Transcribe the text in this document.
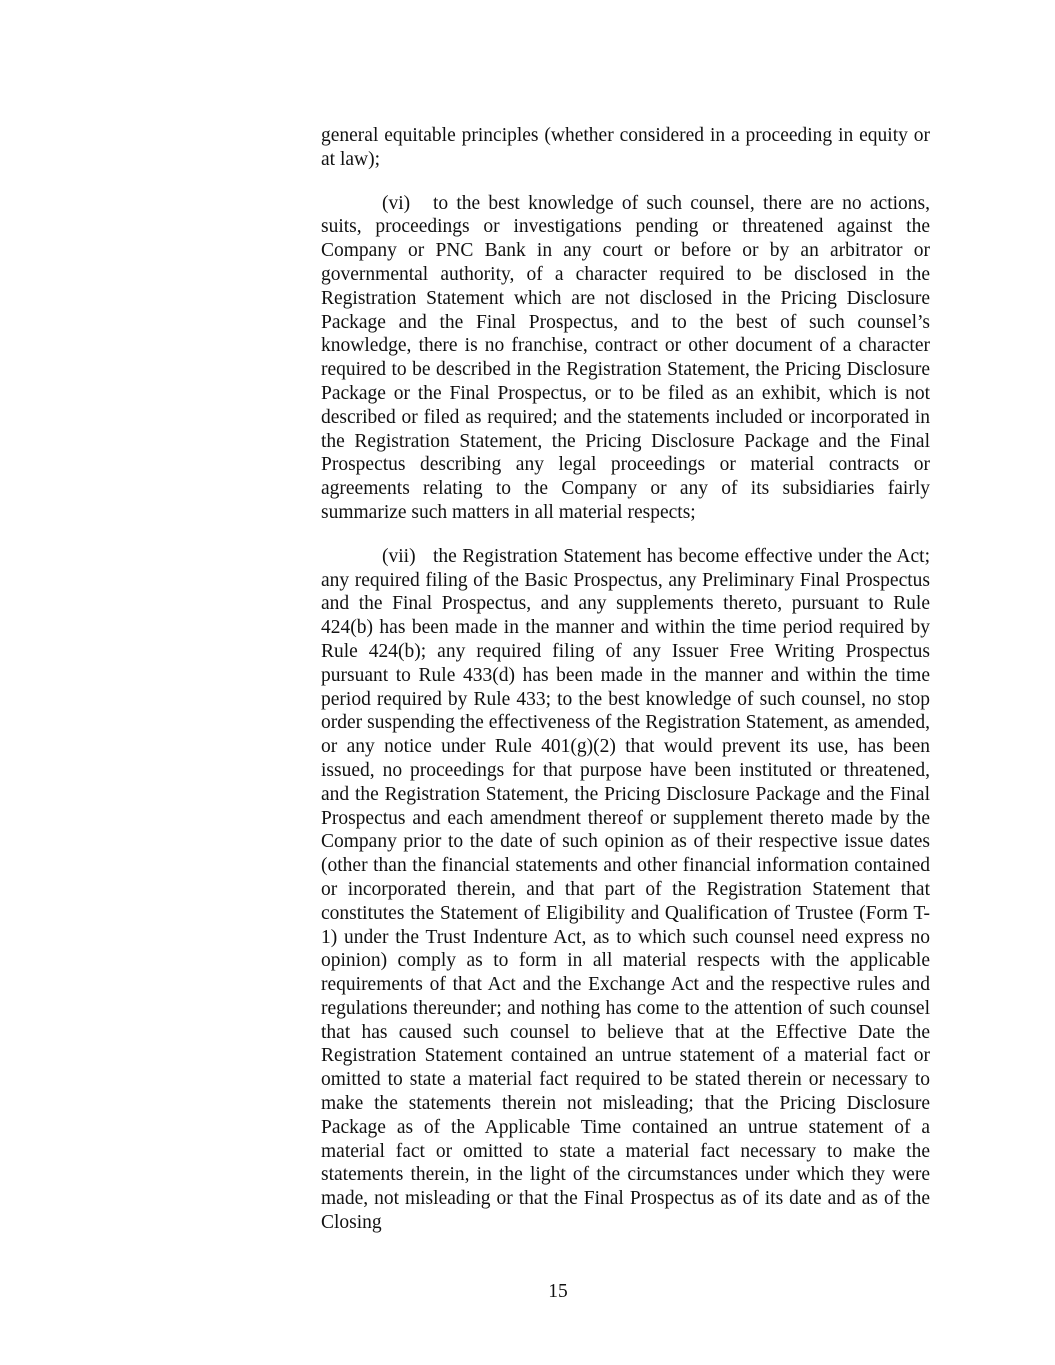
general equitable principles (whether considered in a proceeding in equity or at law);

(vi) to the best knowledge of such counsel, there are no actions, suits, proceedings or investigations pending or threatened against the Company or PNC Bank in any court or before or by an arbitrator or governmental authority, of a character required to be disclosed in the Registration Statement which are not disclosed in the Pricing Disclosure Package and the Final Prospectus, and to the best of such counsel’s knowledge, there is no franchise, contract or other document of a character required to be described in the Registration Statement, the Pricing Disclosure Package or the Final Prospectus, or to be filed as an exhibit, which is not described or filed as required; and the statements included or incorporated in the Registration Statement, the Pricing Disclosure Package and the Final Prospectus describing any legal proceedings or material contracts or agreements relating to the Company or any of its subsidiaries fairly summarize such matters in all material respects;

(vii) the Registration Statement has become effective under the Act; any required filing of the Basic Prospectus, any Preliminary Final Prospectus and the Final Prospectus, and any supplements thereto, pursuant to Rule 424(b) has been made in the manner and within the time period required by Rule 424(b); any required filing of any Issuer Free Writing Prospectus pursuant to Rule 433(d) has been made in the manner and within the time period required by Rule 433; to the best knowledge of such counsel, no stop order suspending the effectiveness of the Registration Statement, as amended, or any notice under Rule 401(g)(2) that would prevent its use, has been issued, no proceedings for that purpose have been instituted or threatened, and the Registration Statement, the Pricing Disclosure Package and the Final Prospectus and each amendment thereof or supplement thereto made by the Company prior to the date of such opinion as of their respective issue dates (other than the financial statements and other financial information contained or incorporated therein, and that part of the Registration Statement that constitutes the Statement of Eligibility and Qualification of Trustee (Form T-1) under the Trust Indenture Act, as to which such counsel need express no opinion) comply as to form in all material respects with the applicable requirements of that Act and the Exchange Act and the respective rules and regulations thereunder; and nothing has come to the attention of such counsel that has caused such counsel to believe that at the Effective Date the Registration Statement contained an untrue statement of a material fact or omitted to state a material fact required to be stated therein or necessary to make the statements therein not misleading; that the Pricing Disclosure Package as of the Applicable Time contained an untrue statement of a material fact or omitted to state a material fact necessary to make the statements therein, in the light of the circumstances under which they were made, not misleading or that the Final Prospectus as of its date and as of the Closing

15
